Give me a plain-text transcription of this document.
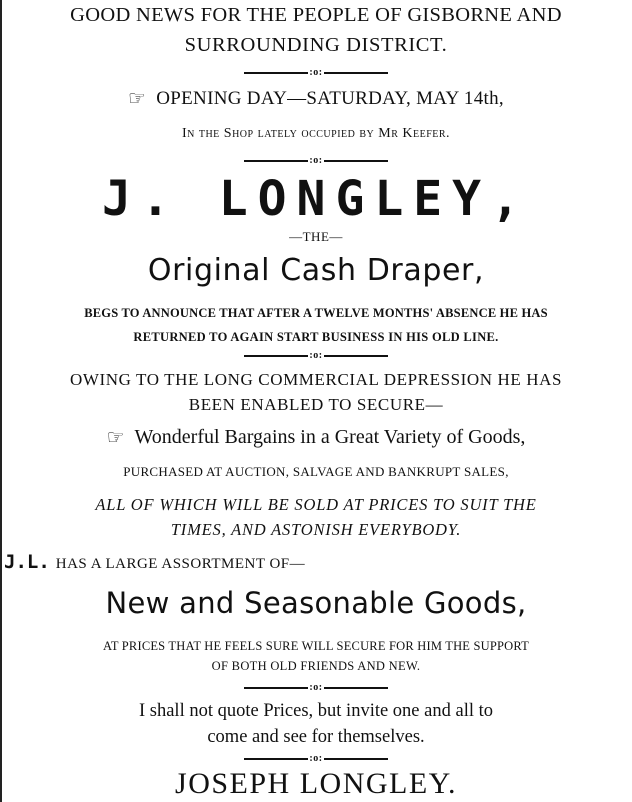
GOOD NEWS FOR THE PEOPLE OF GISBORNE AND
SURROUNDING DISTRICT.
:o:
☞ OPENING DAY—SATURDAY, MAY 14th,
In the Shop lately occupied by Mr Keefer.
:o:
J. LONGLEY,
—THE—
Original Cash Draper,
BEGS TO ANNOUNCE THAT AFTER A TWELVE MONTHS' ABSENCE HE HAS
RETURNED TO AGAIN START BUSINESS IN HIS OLD LINE.
:o:
OWING TO THE LONG COMMERCIAL DEPRESSION HE HAS
BEEN ENABLED TO SECURE—
☞ Wonderful Bargains in a Great Variety of Goods,
PURCHASED AT AUCTION, SALVAGE AND BANKRUPT SALES,
ALL OF WHICH WILL BE SOLD AT PRICES TO SUIT THE
TIMES, AND ASTONISH EVERYBODY.
J.L. HAS A LARGE ASSORTMENT OF—
New and Seasonable Goods,
AT PRICES THAT HE FEELS SURE WILL SECURE FOR HIM THE SUPPORT
OF BOTH OLD FRIENDS AND NEW.
:o:
I shall not quote Prices, but invite one and all to
come and see for themselves.
:o:
JOSEPH LONGLEY.
